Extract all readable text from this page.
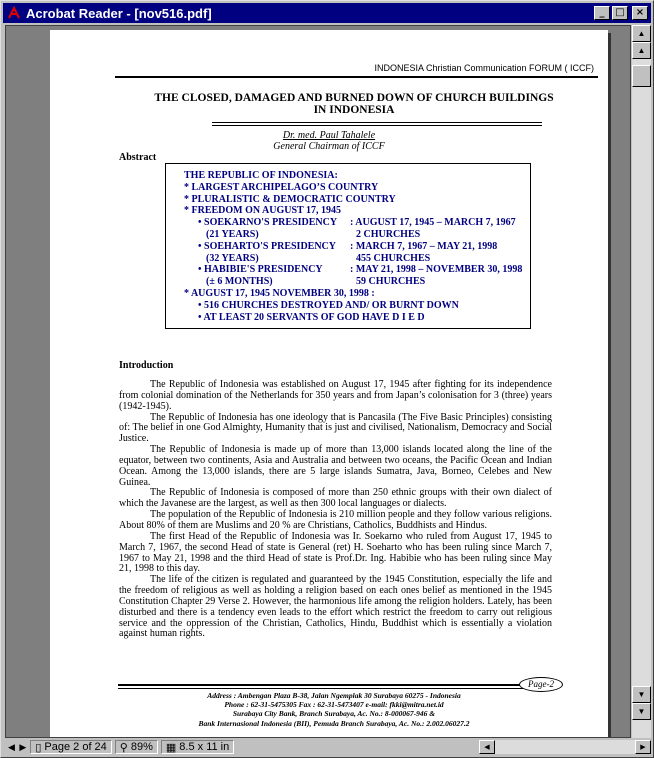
Acrobat Reader - [nov516.pdf]	_	□	×
INDONESIA Christian Communication FORUM ( ICCF)
THE CLOSED, DAMAGED AND BURNED DOWN OF CHURCH BUILDINGS
IN INDONESIA
Dr. med. Paul Tahalele
General Chairman of ICCF
Abstract
THE REPUBLIC OF INDONESIA:
* LARGEST ARCHIPELAGO’S COUNTRY
* PLURALISTIC & DEMOCRATIC COUNTRY
* FREEDOM ON AUGUST 17, 1945
• SOEKARNO'S PRESIDENCY : AUGUST 17, 1945 – MARCH 7, 1967
(21 YEARS)	2 CHURCHES
• SOEHARTO'S PRESIDENCY : MARCH 7, 1967 – MAY 21, 1998
(32 YEARS)	455 CHURCHES
• HABIBIE'S PRESIDENCY	: MAY 21, 1998 – NOVEMBER 30, 1998
(± 6 MONTHS)	59 CHURCHES
* AUGUST 17, 1945 NOVEMBER 30, 1998 :
• 516 CHURCHES DESTROYED AND/ OR BURNT DOWN
• AT LEAST 20 SERVANTS OF GOD HAVE D I E D
Introduction

The Republic of Indonesia was established on August 17, 1945 after fighting for its independence from colonial domination of the Netherlands for 350 years and from Japan’s colonisation for 3 (three) years (1942-1945).

The Republic of Indonesia has one ideology that is Pancasila (The Five Basic Principles) consisting of: The belief in one God Almighty, Humanity that is just and civilised, Nationalism, Democracy and Social Justice.

The Republic of Indonesia is made up of more than 13,000 islands located along the line of the equator, between two continents, Asia and Australia and between two oceans, the Pacific Ocean and Indian Ocean. Among the 13,000 islands, there are 5 large islands Sumatra, Java, Borneo, Celebes and New Guinea.

The Republic of Indonesia is composed of more than 250 ethnic groups with their own dialect of which the Javanese are the largest, as well as then 300 local languages or dialects.

The population of the Republic of Indonesia is 210 million people and they follow various religions. About 80% of them are Muslims and 20 % are Christians, Catholics, Buddhists and Hindus.

The first Head of the Republic of Indonesia was Ir. Soekarno who ruled from August 17, 1945 to March 7, 1967, the second Head of state is General (ret) H. Soeharto who has been ruling since March 7, 1967 to May 21, 1998 and the third Head of state is Prof.Dr. Ing. Habibie who has been ruling since May 21, 1998 to this day.

The life of the citizen is regulated and guaranteed by the 1945 Constitution, especially the life and the freedom of religious as well as holding a religion based on each ones belief as mentioned in the 1945 Constitution Chapter 29 Verse 2. However, the harmonious life among the religion holders. Lately, has been disturbed and there is a tendency even leads to the effort which restrict the freedom to carry out religious service and the oppression of the Christian, Catholics, Hindu, Buddhist which is essentially a violation against human rights.

Page-2
Address : Ambengan Plaza B-38, Jalan Ngemplak 30 Surabaya 60275 - Indonesia
Phone : 62-31-5475305 Fax : 62-31-5473407 e-mail: fkki@mitra.net.id
Surabaya City Bank, Branch Surabaya, Ac. No.: 8-000067-946 &
Bank Internasional Indonesia (BII), Pemuda Branch Surabaya, Ac. No.: 2.002.06027.2
▲
▲
▼
▼
◀ ▶ ▯ Page 2 of 24 ⚲ 89% ▦ 8.5 x 11 in	◀	▶
